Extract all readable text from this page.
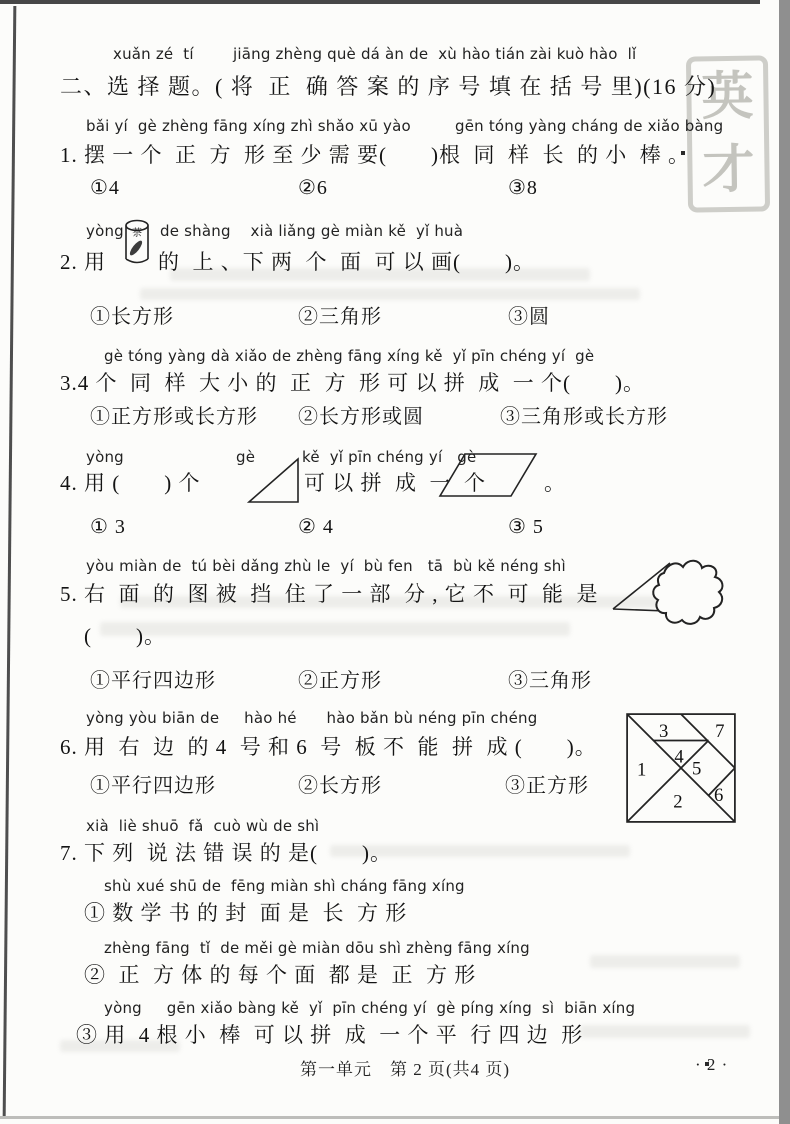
英
才
xuǎn zé  tí	jiāng zhèng què dá àn de  xù hào tián zài kuò hào  lǐ
二、选 择 题。( 将  正  确 答 案 的 序 号 填 在 括 号 里)(16 分)
bǎi yí  gè zhèng fāng xíng zhì shǎo xū yào	gēn tóng yàng cháng de xiǎo bàng
1. 摆 一 个  正  方  形 至 少 需 要(　　)根  同  样  长  的 小  棒 。
①4	②6	③8
yòng de shàng    xià liǎng gè miàn kě  yǐ huà
2. 用
茶
的  上 、下 两  个  面  可 以 画(　　)。
①长方形	②三角形	③圆
gè tóng yàng dà xiǎo de zhèng fāng xíng kě  yǐ pīn chéng yí  gè
3.4 个  同  样  大 小 的  正  方  形 可 以 拼  成  一 个(　　)。
①正方形或长方形 ②长方形或圆	③三角形或长方形
yòng	gè	kě  yǐ pīn chéng yí   gè
4. 用 (　　) 个	可 以 拼  成  一  个	。
① 3	② 4	③ 5
yòu miàn de  tú bèi dǎng zhù le  yí  bù fen   tā  bù kě néng shì
5. 右  面  的  图 被  挡  住 了 一 部  分 , 它 不  可  能  是
(　　)。
①平行四边形	②正方形	③三角形
yòng yòu biān de     hào hé      hào bǎn bù néng pīn chéng
6. 用  右  边  的 4  号 和 6  号  板 不  能  拼  成 (　　)。
1
2
3
4
5
6
7
①平行四边形	②长方形	③正方形
xià  liè shuō  fǎ  cuò wù de shì
7. 下 列  说 法 错 误 的 是(　　)。
shù xué shū de  fēng miàn shì cháng fāng xíng
① 数 学 书 的 封  面 是  长  方 形
zhèng fāng  tǐ  de měi gè miàn dōu shì zhèng fāng xíng
②  正  方 体 的 每 个 面  都 是  正  方 形
yòng     gēn xiǎo bàng kě  yǐ  pīn chéng yí  gè píng xíng  sì  biān xíng
③ 用  4 根 小  棒  可 以 拼  成  一 个 平  行 四 边  形
第一单元　第 2 页(共4 页)	· 2 ·
